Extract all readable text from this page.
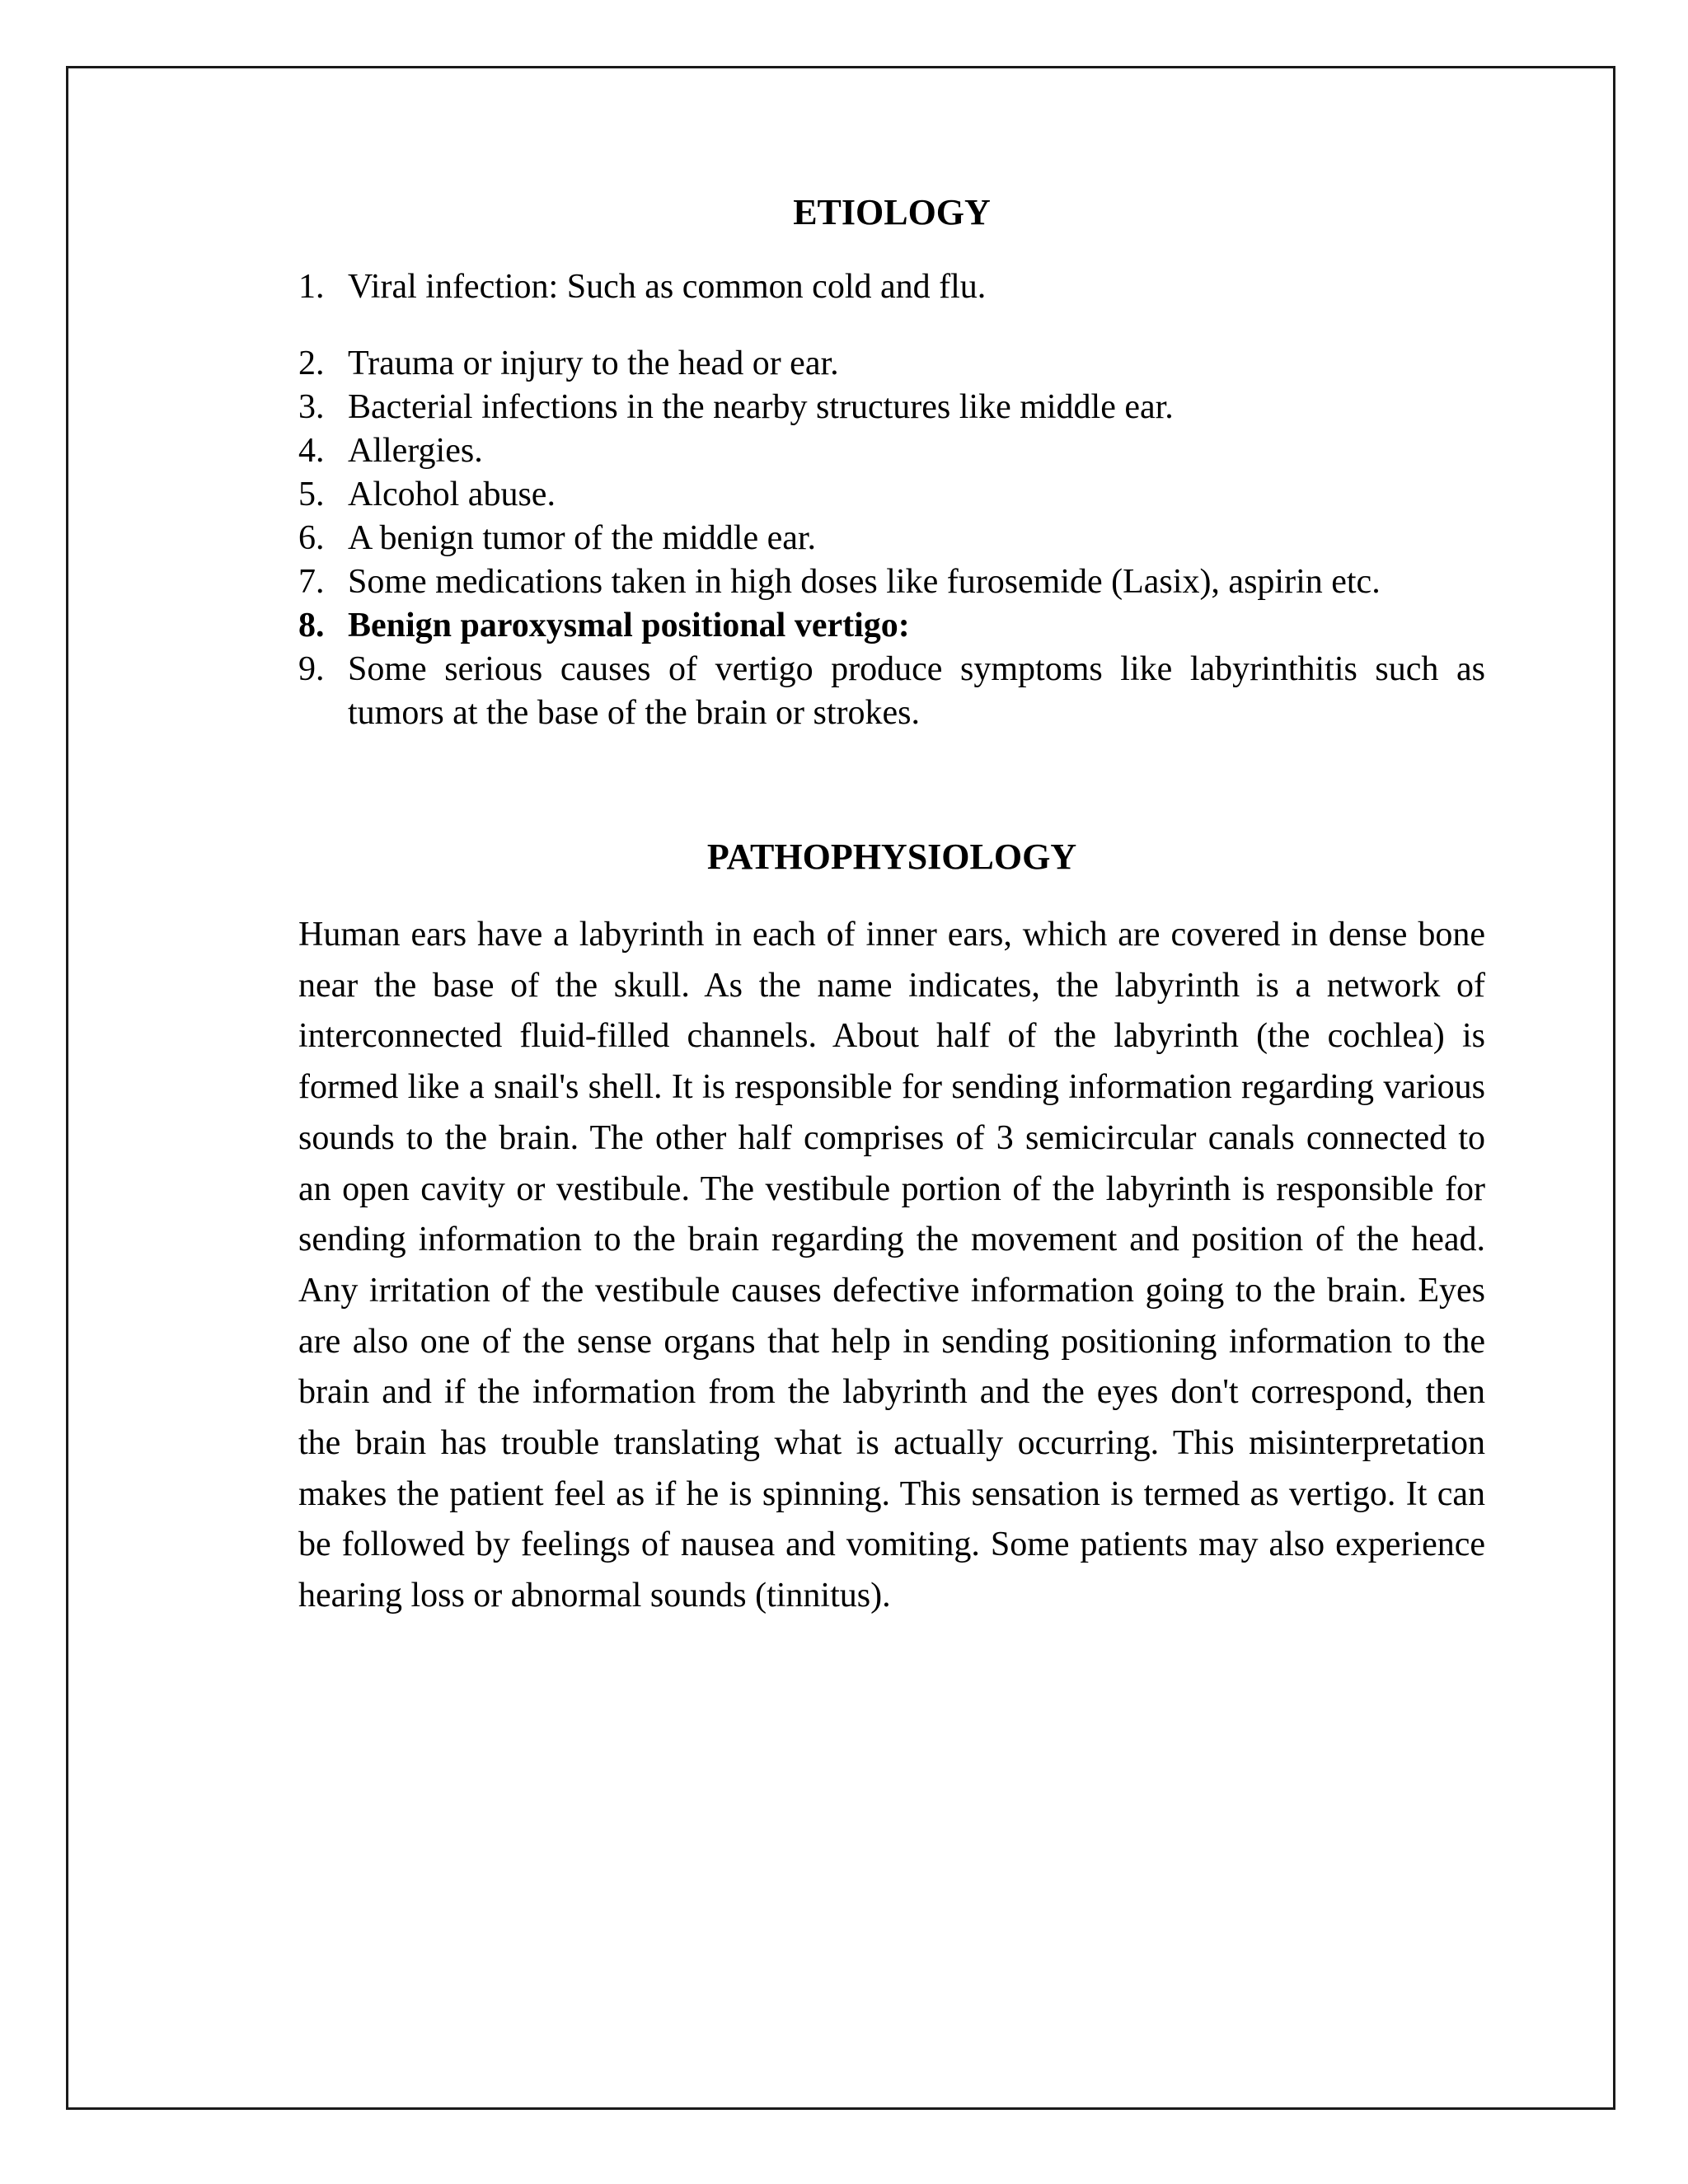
ETIOLOGY
1. Viral infection: Such as common cold and flu.
2. Trauma or injury to the head or ear.
3. Bacterial infections in the nearby structures like middle ear.
4. Allergies.
5. Alcohol abuse.
6. A benign tumor of the middle ear.
7. Some medications taken in high doses like furosemide (Lasix), aspirin etc.
8. Benign paroxysmal positional vertigo:
9. Some serious causes of vertigo produce symptoms like labyrinthitis such as tumors at the base of the brain or strokes.
PATHOPHYSIOLOGY

Human ears have a labyrinth in each of inner ears, which are covered in dense bone near the base of the skull. As the name indicates, the labyrinth is a network of interconnected fluid-filled channels. About half of the labyrinth (the cochlea) is formed like a snail's shell. It is responsible for sending information regarding various sounds to the brain. The other half comprises of 3 semicircular canals connected to an open cavity or vestibule. The vestibule portion of the labyrinth is responsible for sending information to the brain regarding the movement and position of the head. Any irritation of the vestibule causes defective information going to the brain. Eyes are also one of the sense organs that help in sending positioning information to the brain and if the information from the labyrinth and the eyes don't correspond, then the brain has trouble translating what is actually occurring. This misinterpretation makes the patient feel as if he is spinning. This sensation is termed as vertigo. It can be followed by feelings of nausea and vomiting. Some patients may also experience hearing loss or abnormal sounds (tinnitus).
